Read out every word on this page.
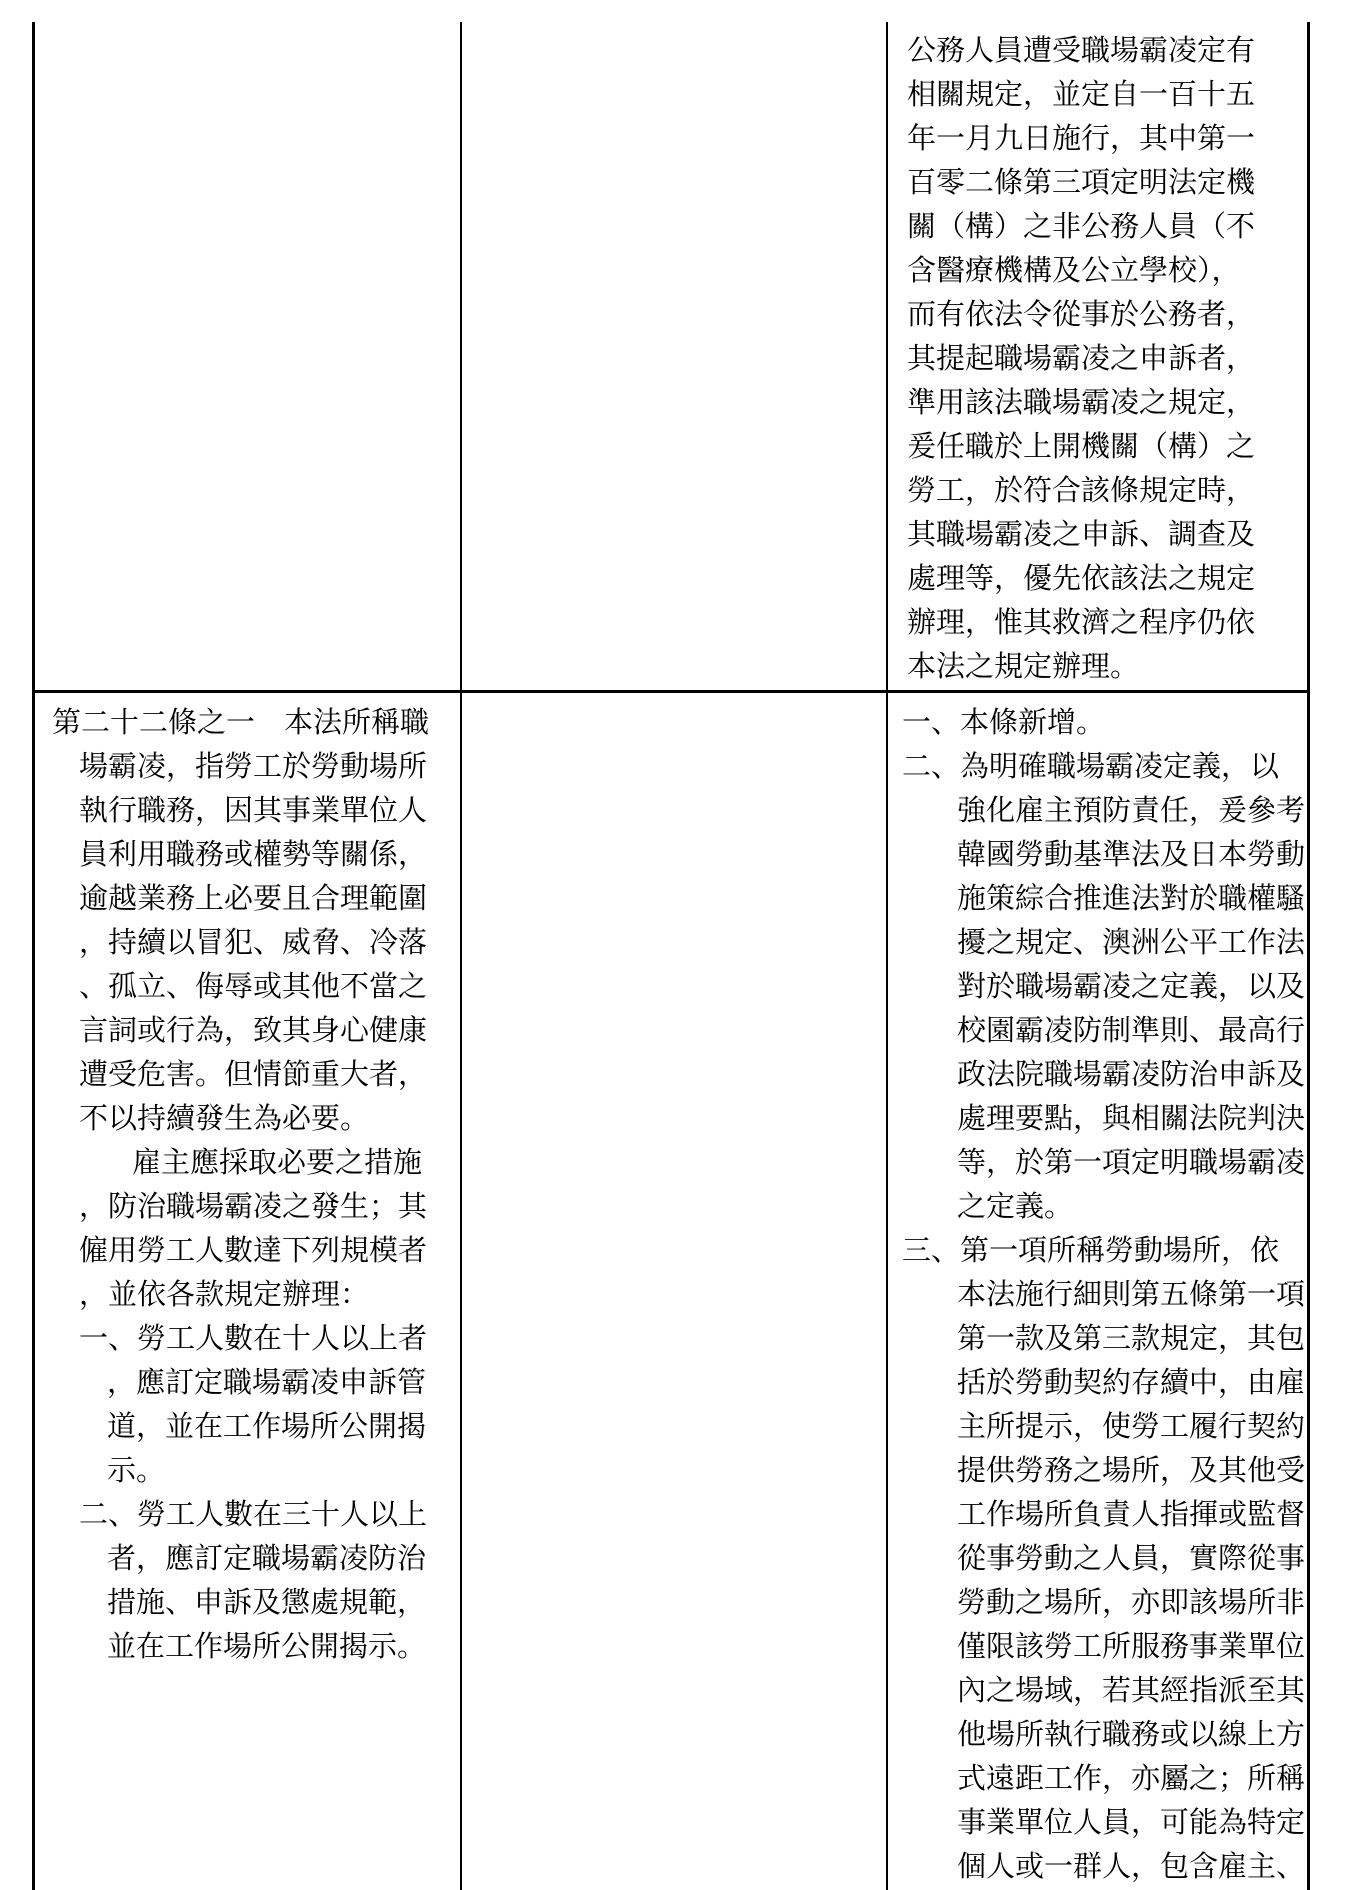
公務人員遭受職場霸凌定有

相關規定，並定自一百十五

年一月九日施行，其中第一

百零二條第三項定明法定機

關（構）之非公務人員（不

含醫療機構及公立學校），

而有依法令從事於公務者，

其提起職場霸凌之申訴者，

準用該法職場霸凌之規定，

爰任職於上開機關（構）之

勞工，於符合該條規定時，

其職場霸凌之申訴、調查及

處理等，優先依該法之規定

辦理，惟其救濟之程序仍依

本法之規定辦理。

第二十二條之一　本法所稱職

場霸凌，指勞工於勞動場所

執行職務，因其事業單位人

員利用職務或權勢等關係，

逾越業務上必要且合理範圍

，持續以冒犯、威脅、冷落

、孤立、侮辱或其他不當之

言詞或行為，致其身心健康

遭受危害。但情節重大者，

不以持續發生為必要。

雇主應採取必要之措施

，防治職場霸凌之發生；其

僱用勞工人數達下列規模者

，並依各款規定辦理：

一、勞工人數在十人以上者

，應訂定職場霸凌申訴管

道，並在工作場所公開揭

示。

二、勞工人數在三十人以上

者，應訂定職場霸凌防治

措施、申訴及懲處規範，

並在工作場所公開揭示。

一、本條新增。

二、為明確職場霸凌定義，以

強化雇主預防責任，爰參考

韓國勞動基準法及日本勞動

施策綜合推進法對於職權騷

擾之規定、澳洲公平工作法

對於職場霸凌之定義，以及

校園霸凌防制準則、最高行

政法院職場霸凌防治申訴及

處理要點，與相關法院判決

等，於第一項定明職場霸凌

之定義。

三、第一項所稱勞動場所，依

本法施行細則第五條第一項

第一款及第三款規定，其包

括於勞動契約存續中，由雇

主所提示，使勞工履行契約

提供勞務之場所，及其他受

工作場所負責人指揮或監督

從事勞動之人員，實際從事

勞動之場所，亦即該場所非

僅限該勞工所服務事業單位

內之場域，若其經指派至其

他場所執行職務或以線上方

式遠距工作，亦屬之；所稱

事業單位人員，可能為特定

個人或一群人，包含雇主、
